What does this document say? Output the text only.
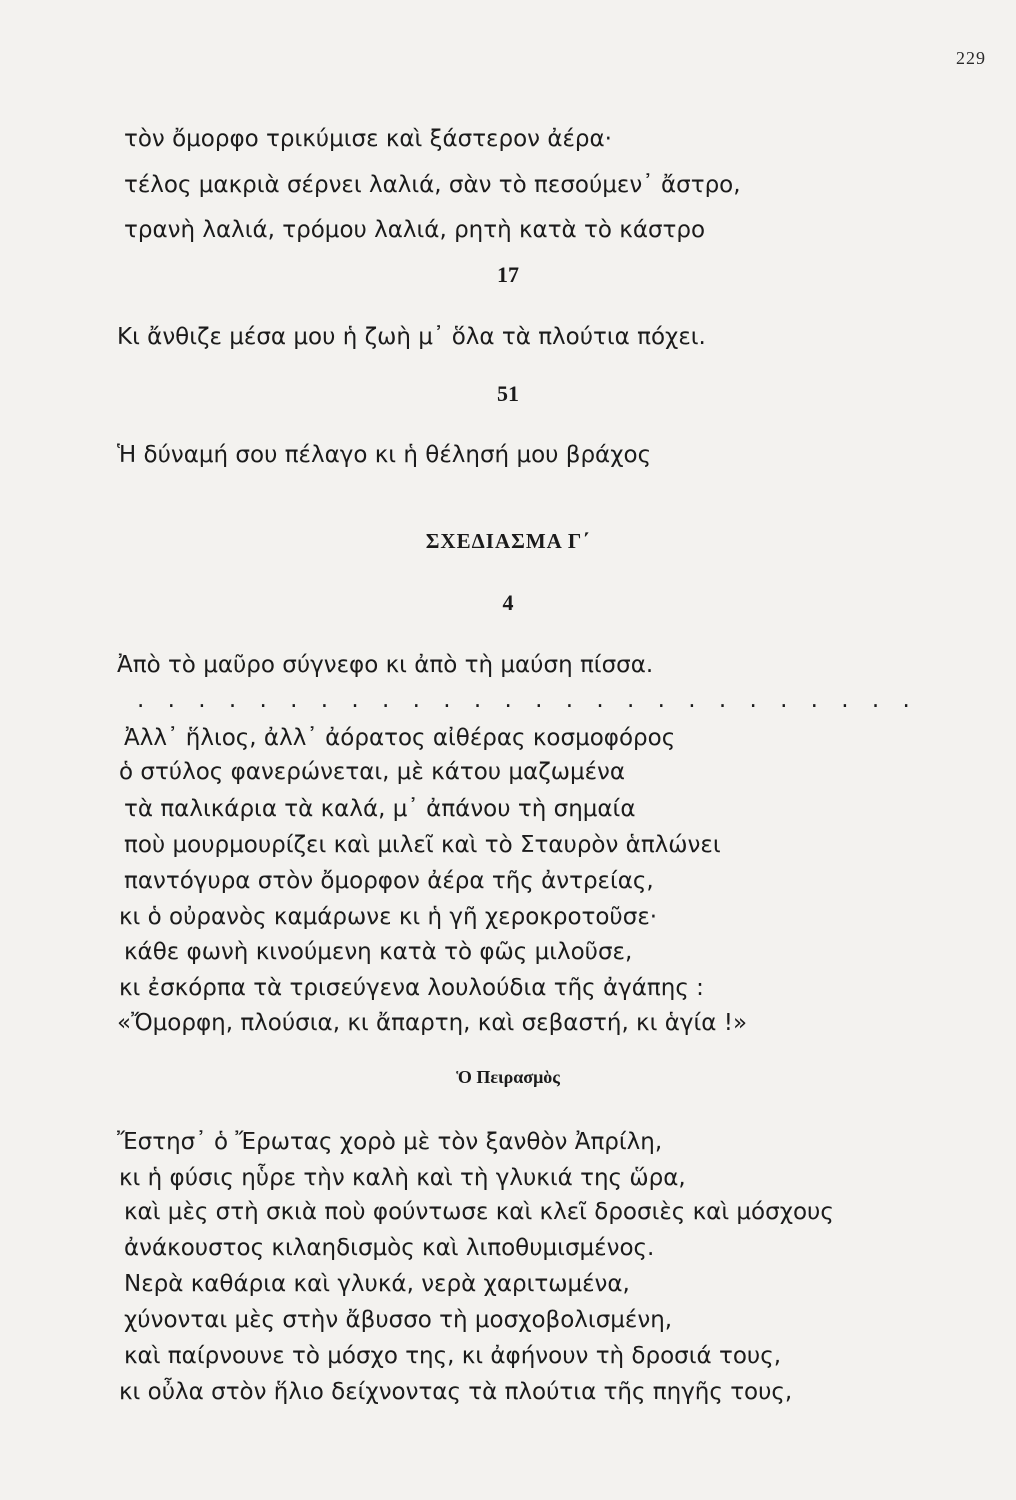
229
τὸν ὄμορφο τρικύμισε καὶ ξάστερον ἀέρα·
τέλος μακριὰ σέρνει λαλιά, σὰν τὸ πεσούμεν᾿ ἄστρο,
τρανὴ λαλιά, τρόμου λαλιά, ρητὴ κατὰ τὸ κάστρο
17
Κι ἄνθιζε μέσα μου ἡ ζωὴ μ᾿ ὅλα τὰ πλούτια πόχει.
51
Ἡ δύναμή σου πέλαγο κι ἡ θέλησή μου βράχος
ΣΧΕΔΙΑΣΜΑ Γ΄
4
Ἀπὸ τὸ μαῦρο σύγνεφο κι ἀπὸ τὴ μαύση πίσσα.
. . . . . . . . . . . . . . . . . . . . . . . . . .
Ἀλλ᾿ ἥλιος, ἀλλ᾿ ἀόρατος αἰθέρας κοσμοφόρος
ὁ στύλος φανερώνεται, μὲ κάτου μαζωμένα
τὰ παλικάρια τὰ καλά, μ᾿ ἀπάνου τὴ σημαία
ποὺ μουρμουρίζει καὶ μιλεῖ καὶ τὸ Σταυρὸν ἁπλώνει
παντόγυρα στὸν ὄμορφον ἀέρα τῆς ἀντρείας,
κι ὁ οὐρανὸς καμάρωνε κι ἡ γῆ χεροκροτοῦσε·
κάθε φωνὴ κινούμενη κατὰ τὸ φῶς μιλοῦσε,
κι ἐσκόρπα τὰ τρισεύγενα λουλούδια τῆς ἀγάπης :
«Ὄμορφη, πλούσια, κι ἄπαρτη, καὶ σεβαστή, κι ἁγία !»
Ὁ Πειρασμὸς
Ἔστησ᾿ ὁ Ἔρωτας χορὸ μὲ τὸν ξανθὸν Ἀπρίλη,
κι ἡ φύσις ηὗρε τὴν καλὴ καὶ τὴ γλυκιά της ὥρα,
καὶ μὲς στὴ σκιὰ ποὺ φούντωσε καὶ κλεῖ δροσιὲς καὶ μόσχους
ἀνάκουστος κιλαηδισμὸς καὶ λιποθυμισμένος.
Νερὰ καθάρια καὶ γλυκά, νερὰ χαριτωμένα,
χύνονται μὲς στὴν ἄβυσσο τὴ μοσχοβολισμένη,
καὶ παίρνουνε τὸ μόσχο της, κι ἀφήνουν τὴ δροσιά τους,
κι οὖλα στὸν ἥλιο δείχνοντας τὰ πλούτια τῆς πηγῆς τους,
